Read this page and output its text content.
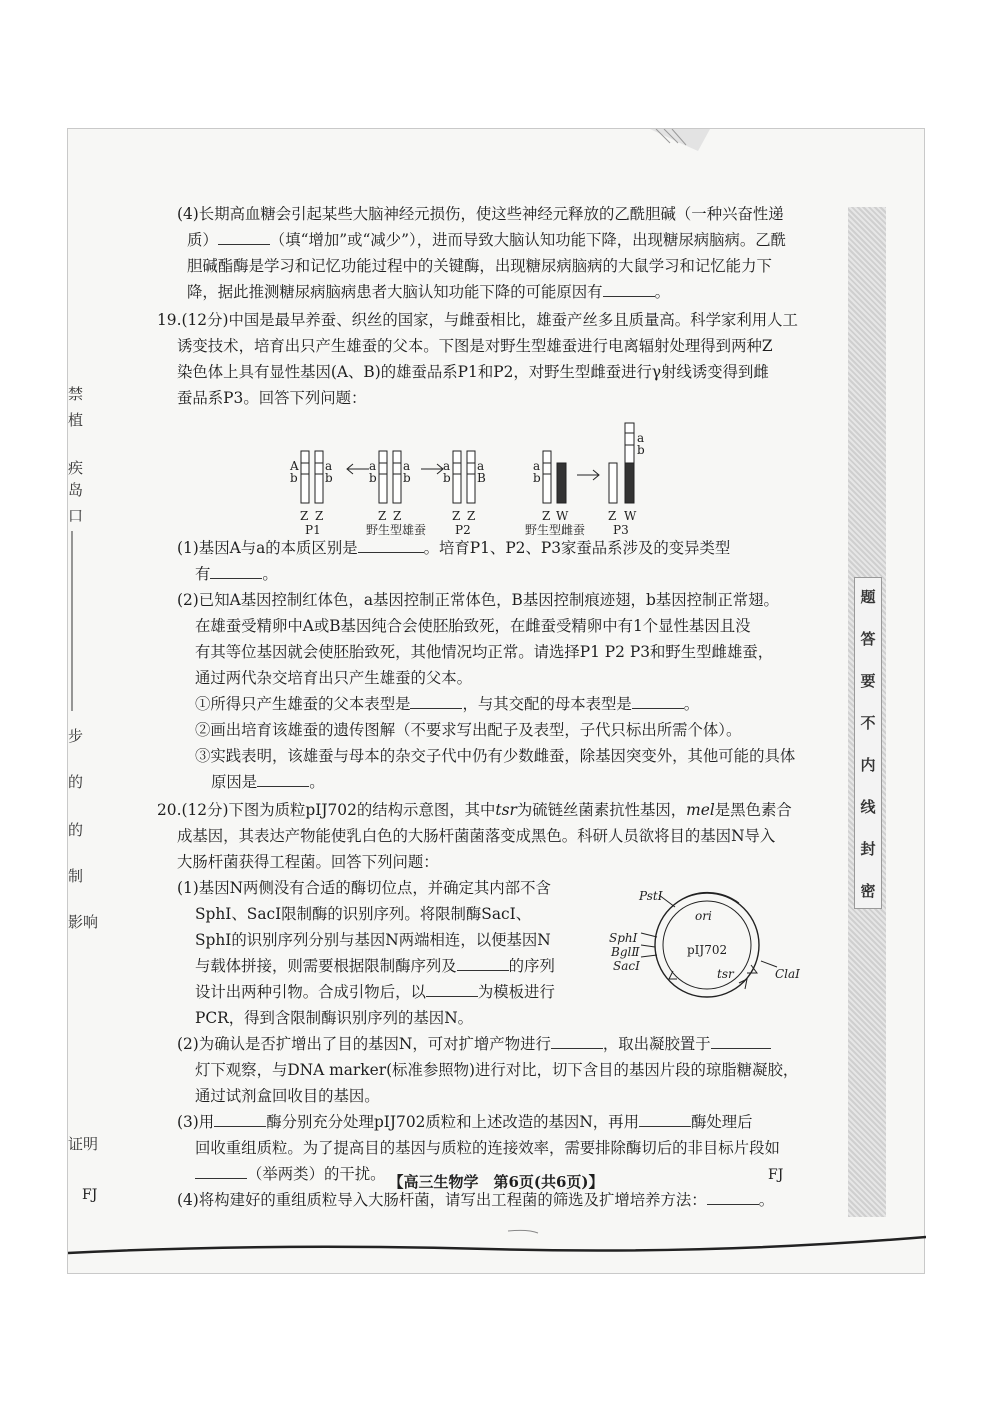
禁
植
疾
岛
口
步
的
的
制
影响
证明
FJ
题
答
要
不
内
线
封
密

(4)长期高血糖会引起某些大脑神经元损伤，使这些神经元释放的乙酰胆碱（一种兴奋性递
质）	（填“增加”或“减少”），进而导致大脑认知功能下降，出现糖尿病脑病。乙酰
胆碱酯酶是学习和记忆功能过程中的关键酶，出现糖尿病脑病的大鼠学习和记忆能力下
降，据此推测糖尿病脑病患者大脑认知功能下降的可能原因有	。

19.(12分)中国是最早养蚕、织丝的国家，与雌蚕相比，雄蚕产丝多且质量高。科学家利用人工
诱变技术，培育出只产生雄蚕的父本。下图是对野生型雄蚕进行电离辐射处理得到两种Z
染色体上具有显性基因(A、B)的雄蚕品系P1和P2，对野生型雌蚕进行γ射线诱变得到雌
蚕品系P3。回答下列问题：

A
b
a
b
a
b
a
b
a
b
a
B
a
b
a
b
Z Z	Z Z	Z Z	Z W	Z W
P1	野生型雄蚕 P2	野生型雌蚕 P3

(1)基因A与a的本质区别是	。培育P1、P2、P3家蚕品系涉及的变异类型
有	。

(2)已知A基因控制红体色，a基因控制正常体色，B基因控制痕迹翅，b基因控制正常翅。
在雄蚕受精卵中A或B基因纯合会使胚胎致死，在雌蚕受精卵中有1个显性基因且没
有其等位基因就会使胚胎致死，其他情况均正常。请选择P1 P2 P3和野生型雌雄蚕，
通过两代杂交培育出只产生雄蚕的父本。
①所得只产生雄蚕的父本表型是	，与其交配的母本表型是	。
②画出培育该雄蚕的遗传图解（不要求写出配子及表型，子代只标出所需个体）。
③实践表明，该雄蚕与母本的杂交子代中仍有少数雌蚕，除基因突变外，其他可能的具体
原因是	。

20.(12分)下图为质粒pIJ702的结构示意图，其中tsr为硫链丝菌素抗性基因，mel是黑色素合
成基因，其表达产物能使乳白色的大肠杆菌菌落变成黑色。科研人员欲将目的基因N导入
大肠杆菌获得工程菌。回答下列问题：

(1)基因N两侧没有合适的酶切位点，并确定其内部不含
SphⅠ、SacⅠ限制酶的识别序列。将限制酶SacⅠ、
SphⅠ的识别序列分别与基因N两端相连，以便基因N
与载体拼接，则需要根据限制酶序列及	的序列
设计出两种引物。合成引物后，以	为模板进行
PCR，得到含限制酶识别序列的基因N。

PstⅠ
SphⅠ
BglⅡ
SacⅠ
ClaⅠ
ori
pIJ702
tsr

(2)为确认是否扩增出了目的基因N，可对扩增产物进行	，取出凝胶置于
灯下观察，与DNA marker(标准参照物)进行对比，切下含目的基因片段的琼脂糖凝胶，
通过试剂盒回收目的基因。

(3)用	酶分别充分处理pIJ702质粒和上述改造的基因N，再用	酶处理后
回收重组质粒。为了提高目的基因与质粒的连接效率，需要排除酶切后的非目标片段如
（举两类）的干扰。

(4)将构建好的重组质粒导入大肠杆菌，请写出工程菌的筛选及扩增培养方法：	。

【高三生物学　第6页(共6页)】	FJ
